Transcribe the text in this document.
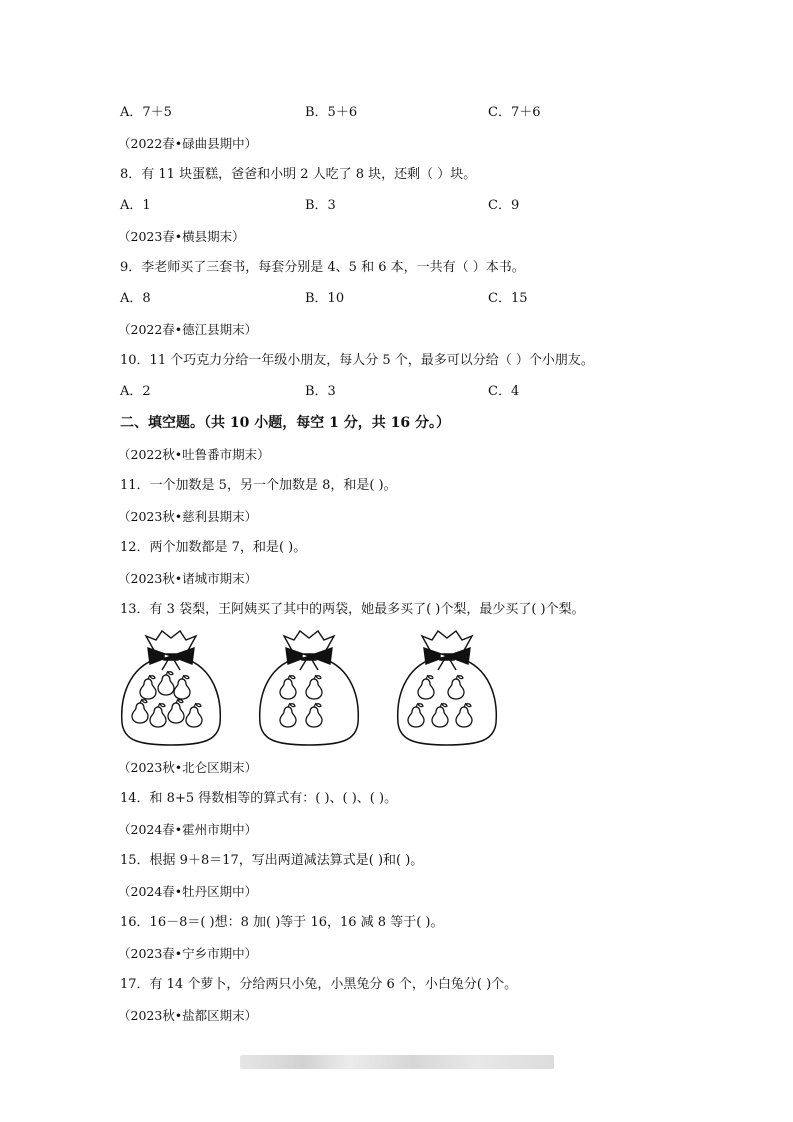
A．7＋5	B．5＋6	C．7＋6
（2022春•碌曲县期中）
8．有 11 块蛋糕，爸爸和小明 2 人吃了 8 块，还剩（ ）块。
A．1	B．3	C．9
（2023春•横县期末）
9．李老师买了三套书，每套分别是 4、5 和 6 本，一共有（ ）本书。
A．8	B．10	C．15
（2022春•德江县期末）
10．11 个巧克力分给一年级小朋友，每人分 5 个，最多可以分给（ ）个小朋友。
A．2	B．3	C．4
二、填空题。（共 10 小题，每空 1 分，共 16 分。）
（2022秋•吐鲁番市期末）
11．一个加数是 5，另一个加数是 8，和是( )。
（2023秋•慈利县期末）
12．两个加数都是 7，和是( )。
（2023秋•诸城市期末）
13．有 3 袋梨，王阿姨买了其中的两袋，她最多买了( )个梨，最少买了( )个梨。
（2023秋•北仑区期末）
14．和 8+5 得数相等的算式有：( )、( )、( )。
（2024春•霍州市期中）
15．根据 9＋8＝17，写出两道减法算式是( )和( )。
（2024春•牡丹区期中）
16．16－8＝( )想：8 加( )等于 16，16 减 8 等于( )。
（2023春•宁乡市期中）
17．有 14 个萝卜，分给两只小兔，小黑兔分 6 个，小白兔分( )个。
（2023秋•盐都区期末）
